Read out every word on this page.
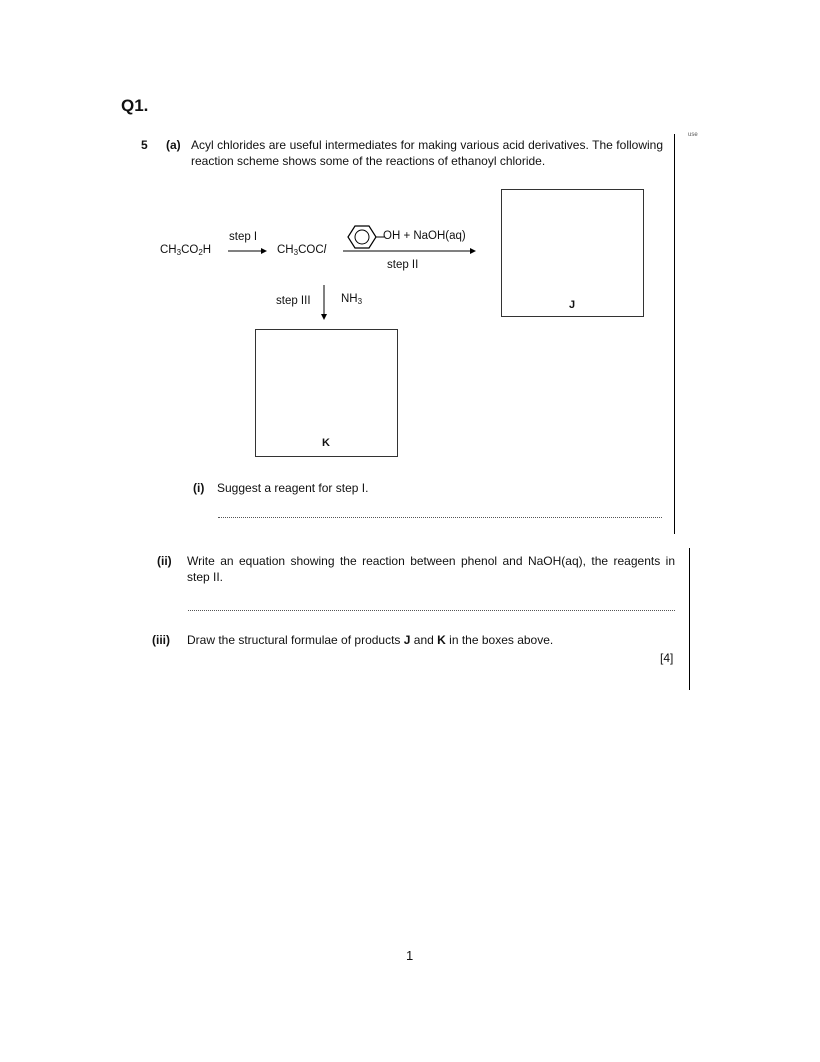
Q1.
use
5 (a) Acyl chlorides are useful intermediates for making various acid derivatives. The following reaction scheme shows some of the reactions of ethanoyl chloride.
$CH_3CO_2H$
step I
$CH_3COCl$
OH + NaOH(aq)
step II
J
step III	$NH_3$
K
(i) Suggest a reagent for step I.
(ii) Write an equation showing the reaction between phenol and NaOH(aq), the reagents in step II.
(iii) Draw the structural formulae of products J and K in the boxes above.
[4]
1
